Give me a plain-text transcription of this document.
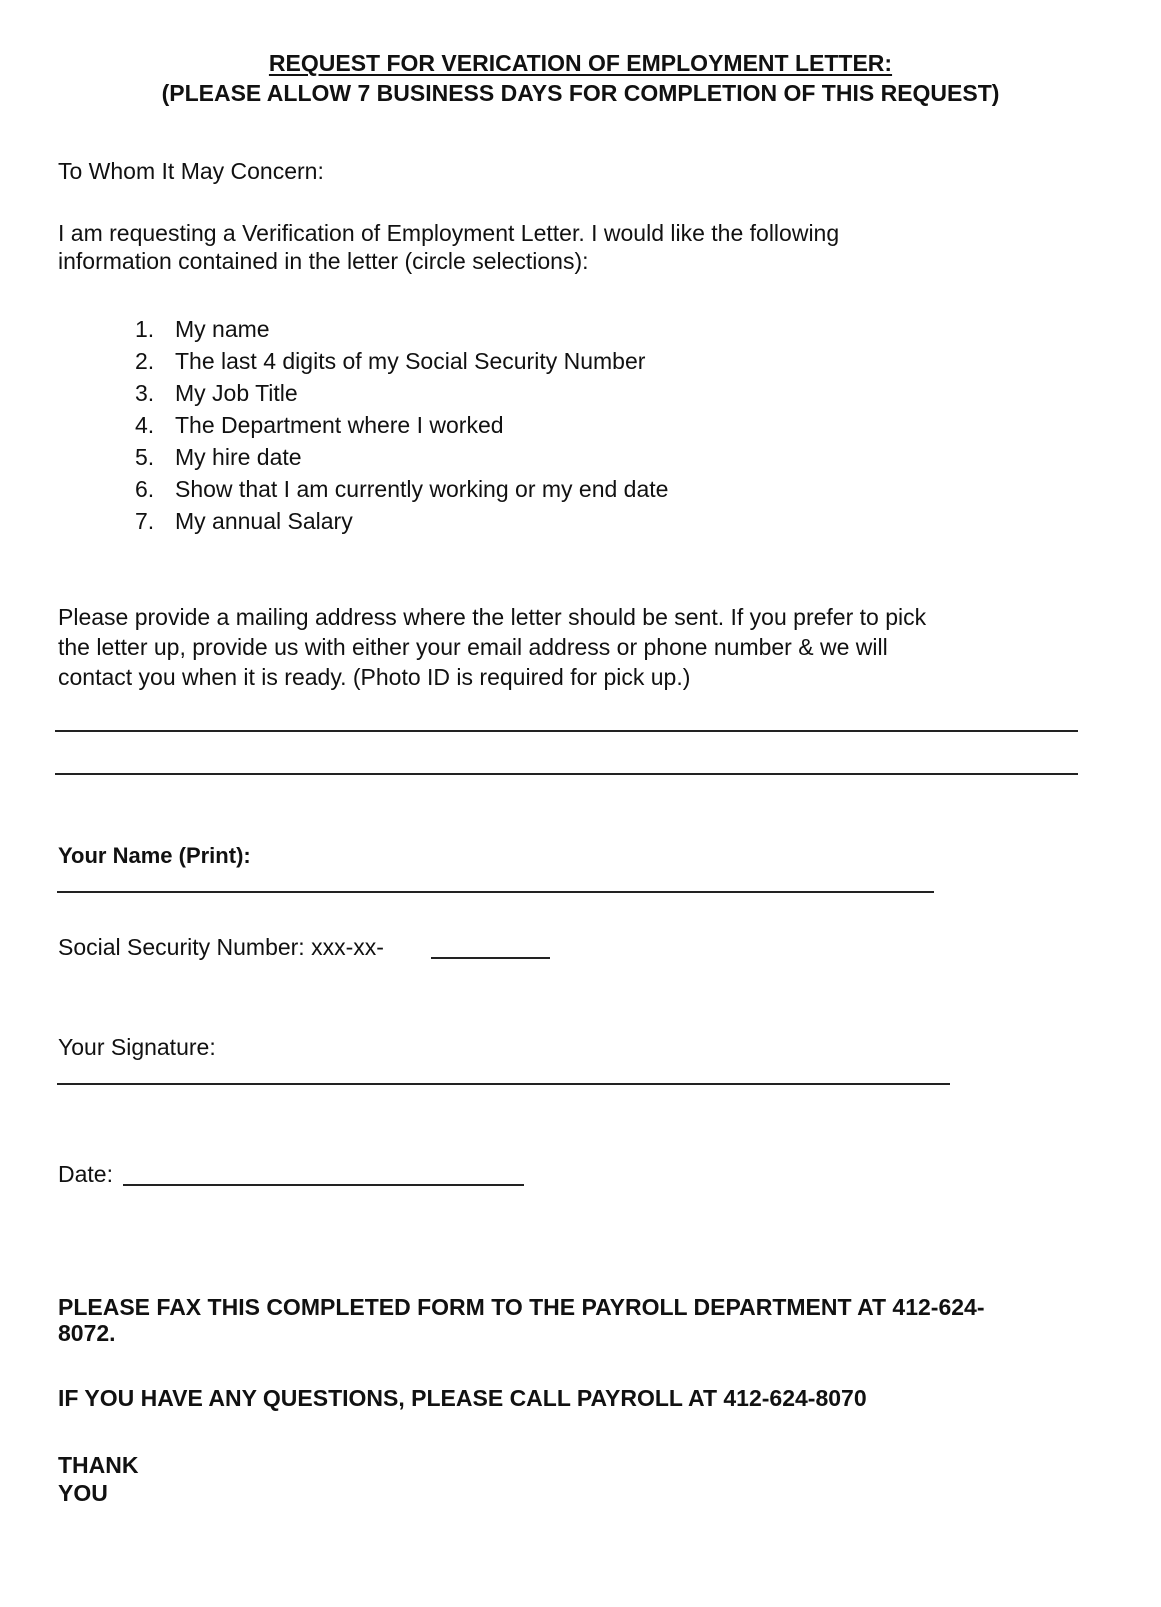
REQUEST FOR VERICATION OF EMPLOYMENT LETTER:
(PLEASE ALLOW 7 BUSINESS DAYS FOR COMPLETION OF THIS REQUEST)
To Whom It May Concern:
I am requesting a Verification of Employment Letter. I would like the following
information contained in the letter (circle selections):
1. My name
2. The last 4 digits of my Social Security Number
3. My Job Title
4. The Department where I worked
5. My hire date
6. Show that I am currently working or my end date
7. My annual Salary
Please provide a mailing address where the letter should be sent. If you prefer to pick
the letter up, provide us with either your email address or phone number & we will
contact you when it is ready. (Photo ID is required for pick up.)
Your Name (Print):
Social Security Number: xxx-xx-
Your Signature:
Date:
PLEASE FAX THIS COMPLETED FORM TO THE PAYROLL DEPARTMENT AT 412-624-
8072.
IF YOU HAVE ANY QUESTIONS, PLEASE CALL PAYROLL AT 412-624-8070
THANK
YOU
